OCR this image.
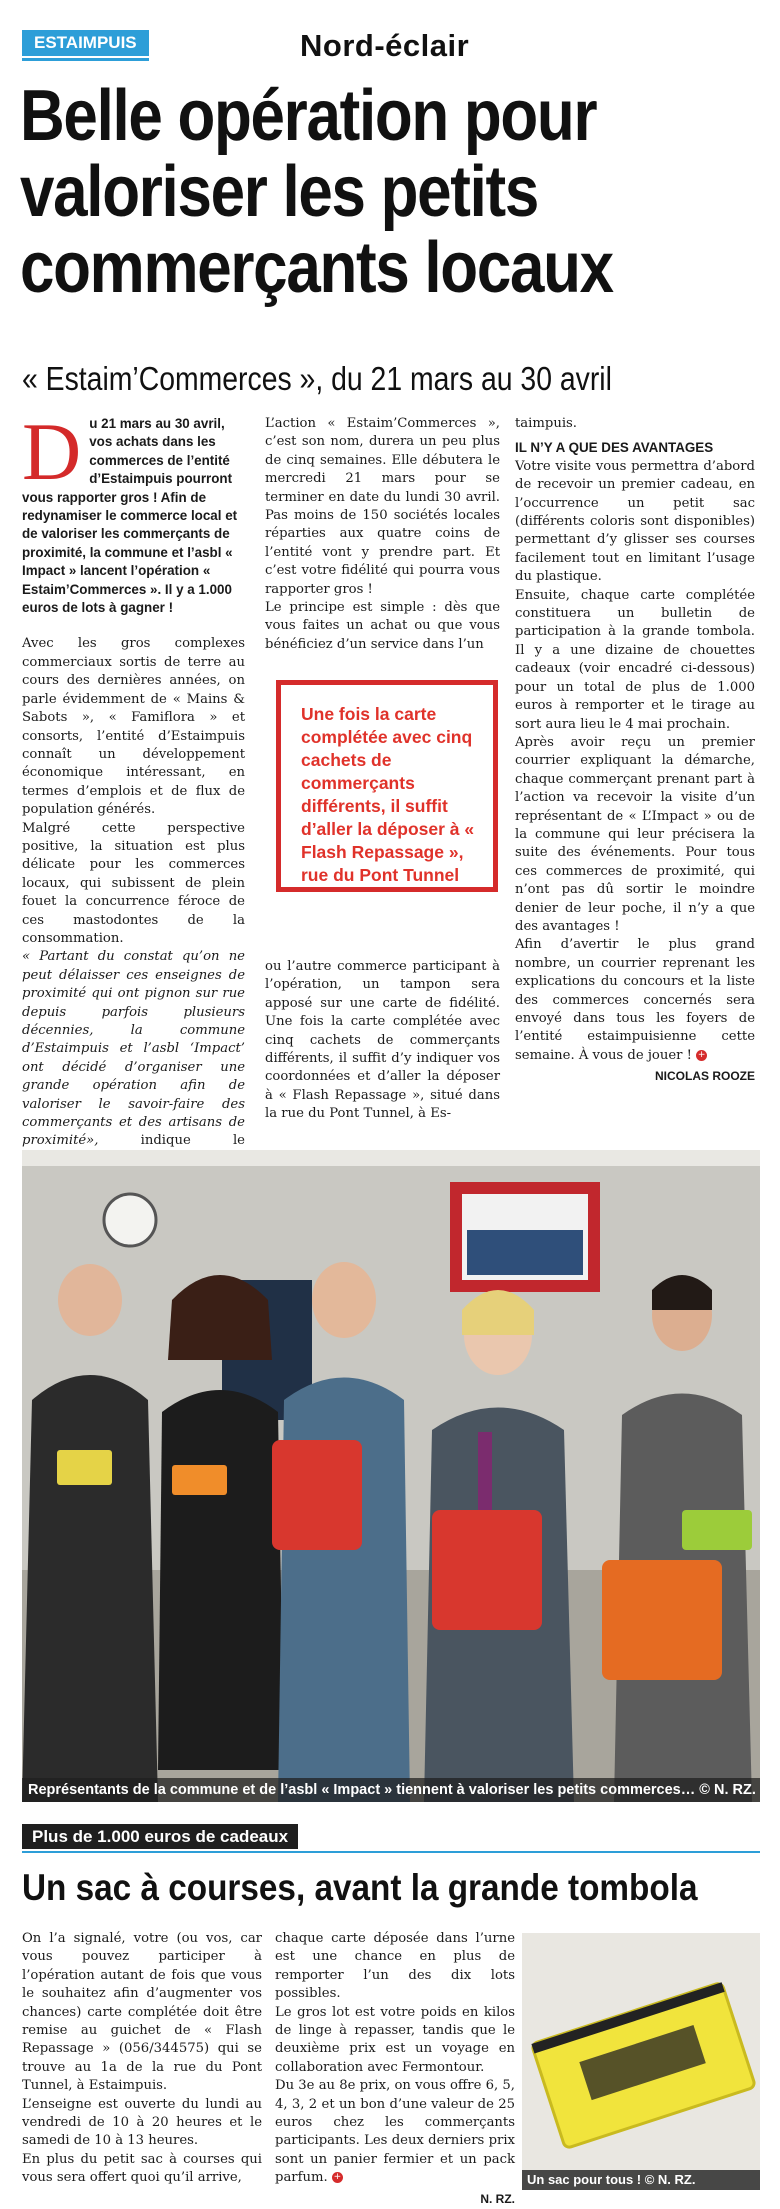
ESTAIMPUIS	Nord-éclair
Belle opération pour valoriser les petits commerçants locaux
« Estaim’Commerces », du 21 mars au 30 avril
D u 21 mars au 30 avril, vos achats dans les commerces de l’entité d’Estaimpuis pourront vous rapporter gros ! Afin de redynamiser le commerce local et de valoriser les commerçants de proximité, la commune et l’asbl « Impact » lancent l’opération « Estaim’Commerces ». Il y a 1.000 euros de lots à gagner !

Avec les gros complexes commerciaux sortis de terre au cours des dernières années, on parle évidemment de « Mains & Sabots », « Famiflora » et consorts, l’entité d’Estaimpuis connaît un développement économique intéressant, en termes d’emplois et de flux de population générés.

Malgré cette perspective positive, la situation est plus délicate pour les commerces locaux, qui subissent de plein fouet la concurrence féroce de ces mastodontes de la consommation.

« Partant du constat qu’on ne peut délaisser ces enseignes de proximité qui ont pignon sur rue depuis parfois plusieurs décennies, la commune d’Estaimpuis et l’asbl ‘Impact’ ont décidé d’organiser une grande opération afin de valoriser le savoir-faire des commerçants et des artisans de proximité»,	indique le

L’action « Estaim’Commerces », c’est son nom, durera un peu plus de cinq semaines. Elle débutera le mercredi 21 mars pour se terminer en date du lundi 30 avril. Pas moins de 150 sociétés locales réparties aux quatre coins de l’entité vont y prendre part. Et c’est votre fidélité qui pourra vous rapporter gros !

Le principe est simple : dès que vous faites un achat ou que vous bénéficiez d’un service dans l’un

Une fois la carte complétée avec cinq cachets de commerçants différents, il suffit d’aller la déposer à « Flash Repassage », rue du Pont Tunnel

ou l’autre commerce participant à l’opération, un tampon sera apposé sur une carte de fidélité. Une fois la carte complétée avec cinq cachets de commerçants différents, il suffit d’y indiquer vos coordonnées et d’aller la déposer à « Flash Repassage », situé dans la rue du Pont Tunnel, à Es-

taimpuis.

IL N’Y A QUE DES AVANTAGES

Votre visite vous permettra d’abord de recevoir un premier cadeau, en l’occurrence un petit sac (différents coloris sont disponibles) permettant d’y glisser ses courses facilement tout en limitant l’usage du plastique.

Ensuite, chaque carte complétée constituera un bulletin de participation à la grande tombola. Il y a une dizaine de chouettes cadeaux (voir encadré ci-dessous) pour un total de plus de 1.000 euros à remporter et le tirage au sort aura lieu le 4 mai prochain.

Après avoir reçu un premier courrier expliquant la démarche, chaque commerçant prenant part à l’action va recevoir la visite d’un représentant de « L’Impact » ou de la commune qui leur précisera la suite des événements. Pour tous ces commerces de proximité, qui n’ont pas dû sortir le moindre denier de leur poche, il n’y a que des avantages !

Afin d’avertir le plus grand nombre, un courrier reprenant les explications du concours et la liste des commerces concernés sera envoyé dans tous les foyers de l’entité estaimpuisienne cette semaine. À vous de jouer ! +

NICOLAS ROOZE

Représentants de la commune et de l’asbl « Impact » tiennent à valoriser les petits commerces… © N. RZ.
Plus de 1.000 euros de cadeaux
Un sac à courses, avant la grande tombola

On l’a signalé, votre (ou vos, car vous pouvez participer à l’opération autant de fois que vous le souhaitez afin d’augmenter vos chances) carte complétée doit être remise au guichet de « Flash Repassage » (056/344575) qui se trouve au 1a de la rue du Pont Tunnel, à Estaimpuis.

L’enseigne est ouverte du lundi au vendredi de 10 à 20 heures et le samedi de 10 à 13 heures.

En plus du petit sac à courses qui vous sera offert quoi qu’il arrive,

chaque carte déposée dans l’urne est une chance en plus de remporter l’un des dix lots possibles.

Le gros lot est votre poids en kilos de linge à repasser, tandis que le deuxième prix est un voyage en collaboration avec Fermontour.

Du 3e au 8e prix, on vous offre 6, 5, 4, 3, 2 et un bon d’une valeur de 25 euros chez les commerçants participants. Les deux derniers prix sont un panier fermier et un pack parfum. +

N. RZ.

Un sac pour tous ! © N. RZ.
